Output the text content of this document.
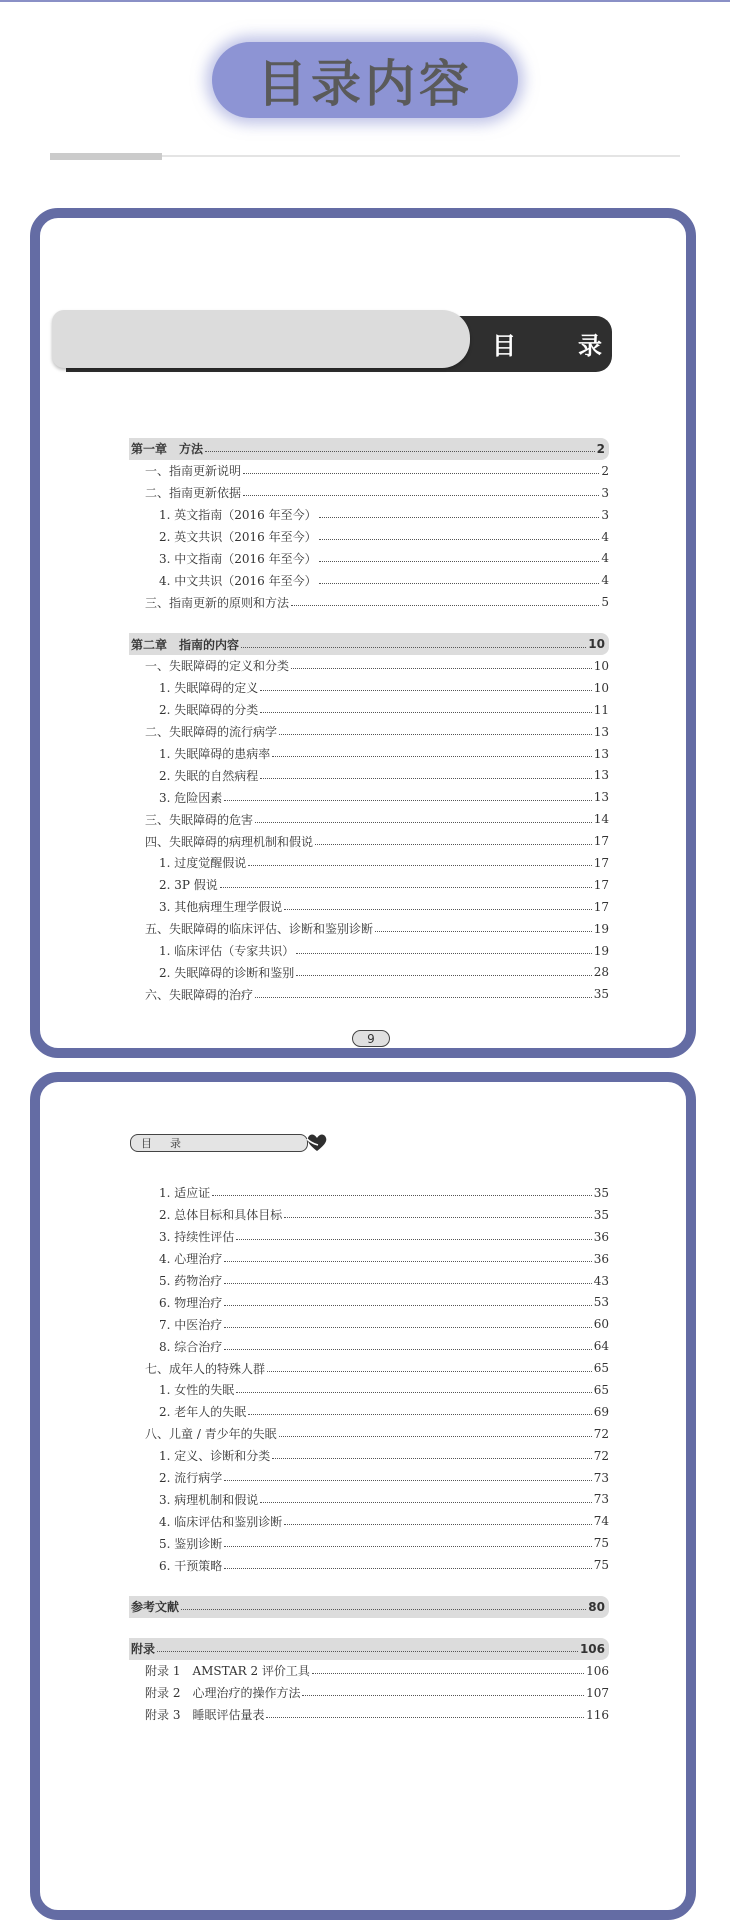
目录内容
目	录
第一章　方法	2
一、指南更新说明	2
二、指南更新依据	3
1. 英文指南（2016 年至今）	3
2. 英文共识（2016 年至今）	4
3. 中文指南（2016 年至今）	4
4. 中文共识（2016 年至今）	4
三、指南更新的原则和方法	5
第二章　指南的内容	10
一、失眠障碍的定义和分类	10
1. 失眠障碍的定义	10
2. 失眠障碍的分类	11
二、失眠障碍的流行病学	13
1. 失眠障碍的患病率	13
2. 失眠的自然病程	13
3. 危险因素	13
三、失眠障碍的危害	14
四、失眠障碍的病理机制和假说	17
1. 过度觉醒假说	17
2. 3P 假说	17
3. 其他病理生理学假说	17
五、失眠障碍的临床评估、诊断和鉴别诊断	19
1. 临床评估（专家共识）	19
2. 失眠障碍的诊断和鉴别	28
六、失眠障碍的治疗	35
9
目 录
1. 适应证	35
2. 总体目标和具体目标	35
3. 持续性评估	36
4. 心理治疗	36
5. 药物治疗	43
6. 物理治疗	53
7. 中医治疗	60
8. 综合治疗	64
七、成年人的特殊人群	65
1. 女性的失眠	65
2. 老年人的失眠	69
八、儿童 / 青少年的失眠	72
1. 定义、诊断和分类	72
2. 流行病学	73
3. 病理机制和假说	73
4. 临床评估和鉴别诊断	74
5. 鉴别诊断	75
6. 干预策略	75
参考文献	80
附录	106
附录 1　AMSTAR 2 评价工具	106
附录 2　心理治疗的操作方法	107
附录 3　睡眠评估量表	116
